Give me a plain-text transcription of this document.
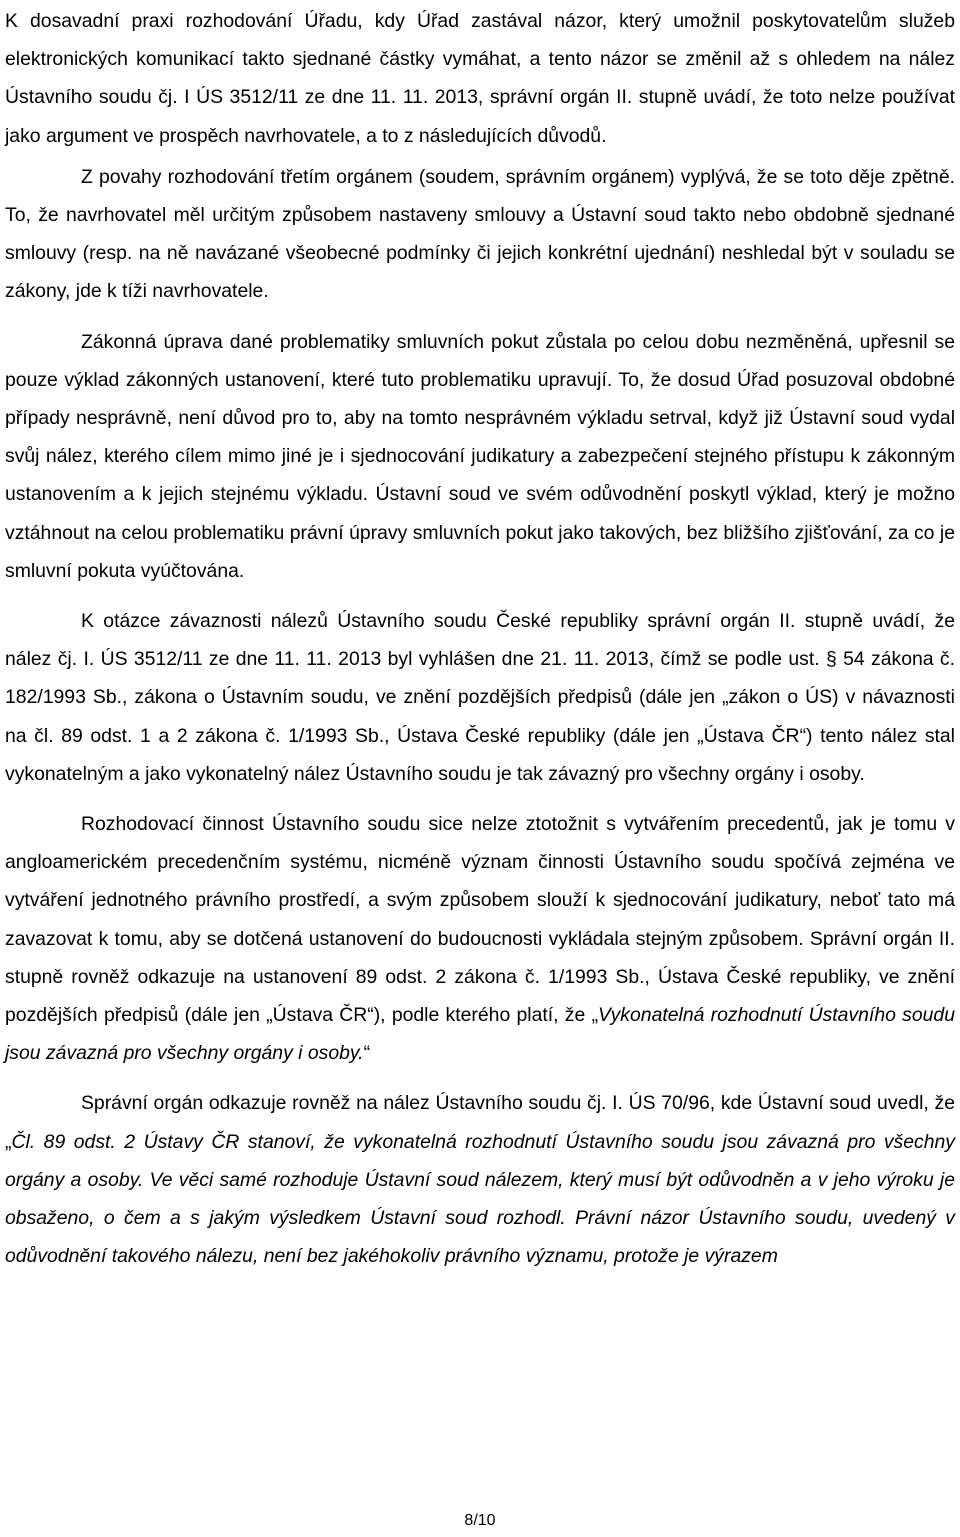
K dosavadní praxi rozhodování Úřadu, kdy Úřad zastával názor, který umožnil poskytovatelům služeb elektronických komunikací takto sjednané částky vymáhat, a tento názor se změnil až s ohledem na nález Ústavního soudu čj. I ÚS 3512/11 ze dne 11. 11. 2013, správní orgán II. stupně uvádí, že toto nelze používat jako argument ve prospěch navrhovatele, a to z následujících důvodů.

Z povahy rozhodování třetím orgánem (soudem, správním orgánem) vyplývá, že se toto děje zpětně. To, že navrhovatel měl určitým způsobem nastaveny smlouvy a Ústavní soud takto nebo obdobně sjednané smlouvy (resp. na ně navázané všeobecné podmínky či jejich konkrétní ujednání) neshledal být v souladu se zákony, jde k tíži navrhovatele.

Zákonná úprava dané problematiky smluvních pokut zůstala po celou dobu nezměněná, upřesnil se pouze výklad zákonných ustanovení, které tuto problematiku upravují. To, že dosud Úřad posuzoval obdobné případy nesprávně, není důvod pro to, aby na tomto nesprávném výkladu setrval, když již Ústavní soud vydal svůj nález, kterého cílem mimo jiné je i sjednocování judikatury a zabezpečení stejného přístupu k zákonným ustanovením a k jejich stejnému výkladu. Ústavní soud ve svém odůvodnění poskytl výklad, který je možno vztáhnout na celou problematiku právní úpravy smluvních pokut jako takových, bez bližšího zjišťování, za co je smluvní pokuta vyúčtována.

K otázce závaznosti nálezů Ústavního soudu České republiky správní orgán II. stupně uvádí, že nález čj. I. ÚS 3512/11 ze dne 11. 11. 2013 byl vyhlášen dne 21. 11. 2013, čímž se podle ust. § 54 zákona č. 182/1993 Sb., zákona o Ústavním soudu, ve znění pozdějších předpisů (dále jen „zákon o ÚS) v návaznosti na čl. 89 odst. 1 a 2 zákona č. 1/1993 Sb., Ústava České republiky (dále jen „Ústava ČR“) tento nález stal vykonatelným a jako vykonatelný nález Ústavního soudu je tak závazný pro všechny orgány i osoby.

Rozhodovací činnost Ústavního soudu sice nelze ztotožnit s vytvářením precedentů, jak je tomu v angloamerickém precedenčním systému, nicméně význam činnosti Ústavního soudu spočívá zejména ve vytváření jednotného právního prostředí, a svým způsobem slouží k sjednocování judikatury, neboť tato má zavazovat k tomu, aby se dotčená ustanovení do budoucnosti vykládala stejným způsobem. Správní orgán II. stupně rovněž odkazuje na ustanovení 89 odst. 2 zákona č. 1/1993 Sb., Ústava České republiky, ve znění pozdějších předpisů (dále jen „Ústava ČR“), podle kterého platí, že „Vykonatelná rozhodnutí Ústavního soudu jsou závazná pro všechny orgány i osoby.“

Správní orgán odkazuje rovněž na nález Ústavního soudu čj. I. ÚS 70/96, kde Ústavní soud uvedl, že „Čl. 89 odst. 2 Ústavy ČR stanoví, že vykonatelná rozhodnutí Ústavního soudu jsou závazná pro všechny orgány a osoby. Ve věci samé rozhoduje Ústavní soud nálezem, který musí být odůvodněn a v jeho výroku je obsaženo, o čem a s jakým výsledkem Ústavní soud rozhodl. Právní názor Ústavního soudu, uvedený v odůvodnění takového nálezu, není bez jakéhokoliv právního významu, protože je výrazem

8/10
